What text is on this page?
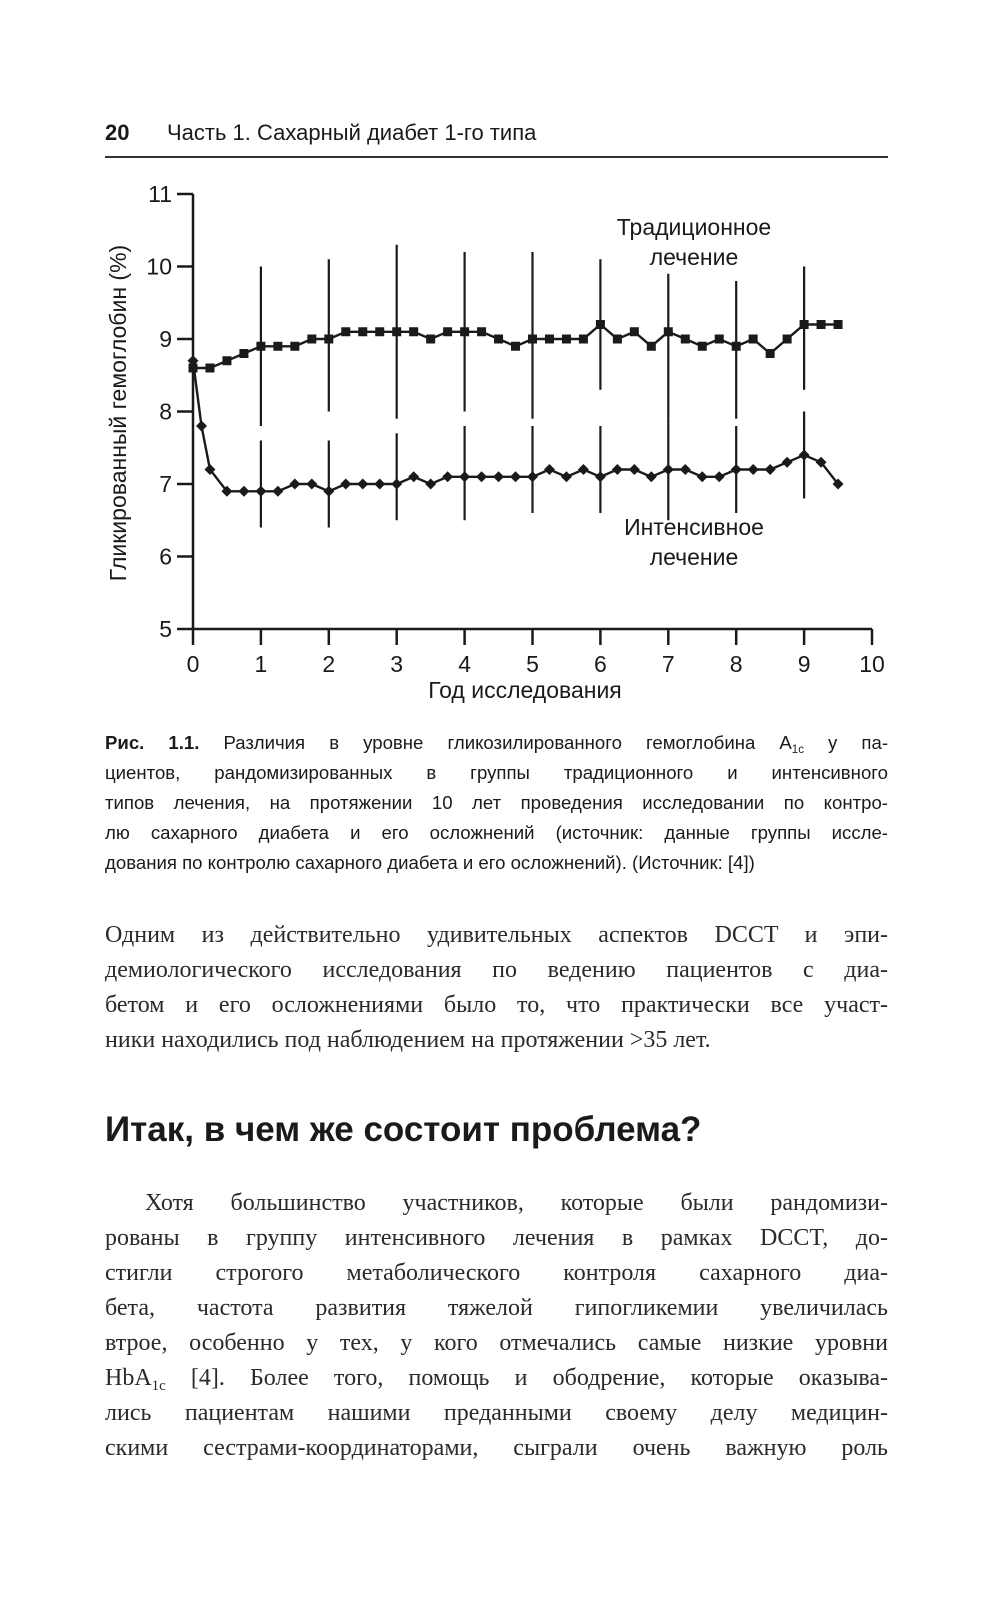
20 Часть 1. Сахарный диабет 1-го типа
5
6
7
8
9
10
11
0 1 2 3 4 5 6 7 8 9 10
Год исследования
Гликированный гемоглобин (%)
Традиционное
лечение
Интенсивное
лечение
Рис. 1.1. Различия в уровне гликозилированного гемоглобина $A_{1c}$ у па-
циентов, рандомизированных в группы традиционного и интенсивного
типов лечения, на протяжении 10 лет проведения исследовании по контро-
лю сахарного диабета и его осложнений (источник: данные группы иссле-
дования по контролю сахарного диабета и его осложнений). (Источник: [4])
Одним из действительно удивительных аспектов DCCT и эпи-
демиологического исследования по ведению пациентов с диа-
бетом и его осложнениями было то, что практически все участ-
ники находились под наблюдением на протяжении >35 лет.
Итак, в чем же состоит проблема?
Хотя большинство участников, которые были рандомизи-
рованы в группу интенсивного лечения в рамках DCCT, до-
стигли строгого метаболического контроля сахарного диа-
бета, частота развития тяжелой гипогликемии увеличилась
втрое, особенно у тех, у кого отмечались самые низкие уровни
HbA$_{1c}$ [4]. Более того, помощь и ободрение, которые оказыва-
лись пациентам нашими преданными своему делу медицин-
скими сестрами-координаторами, сыграли очень важную роль
